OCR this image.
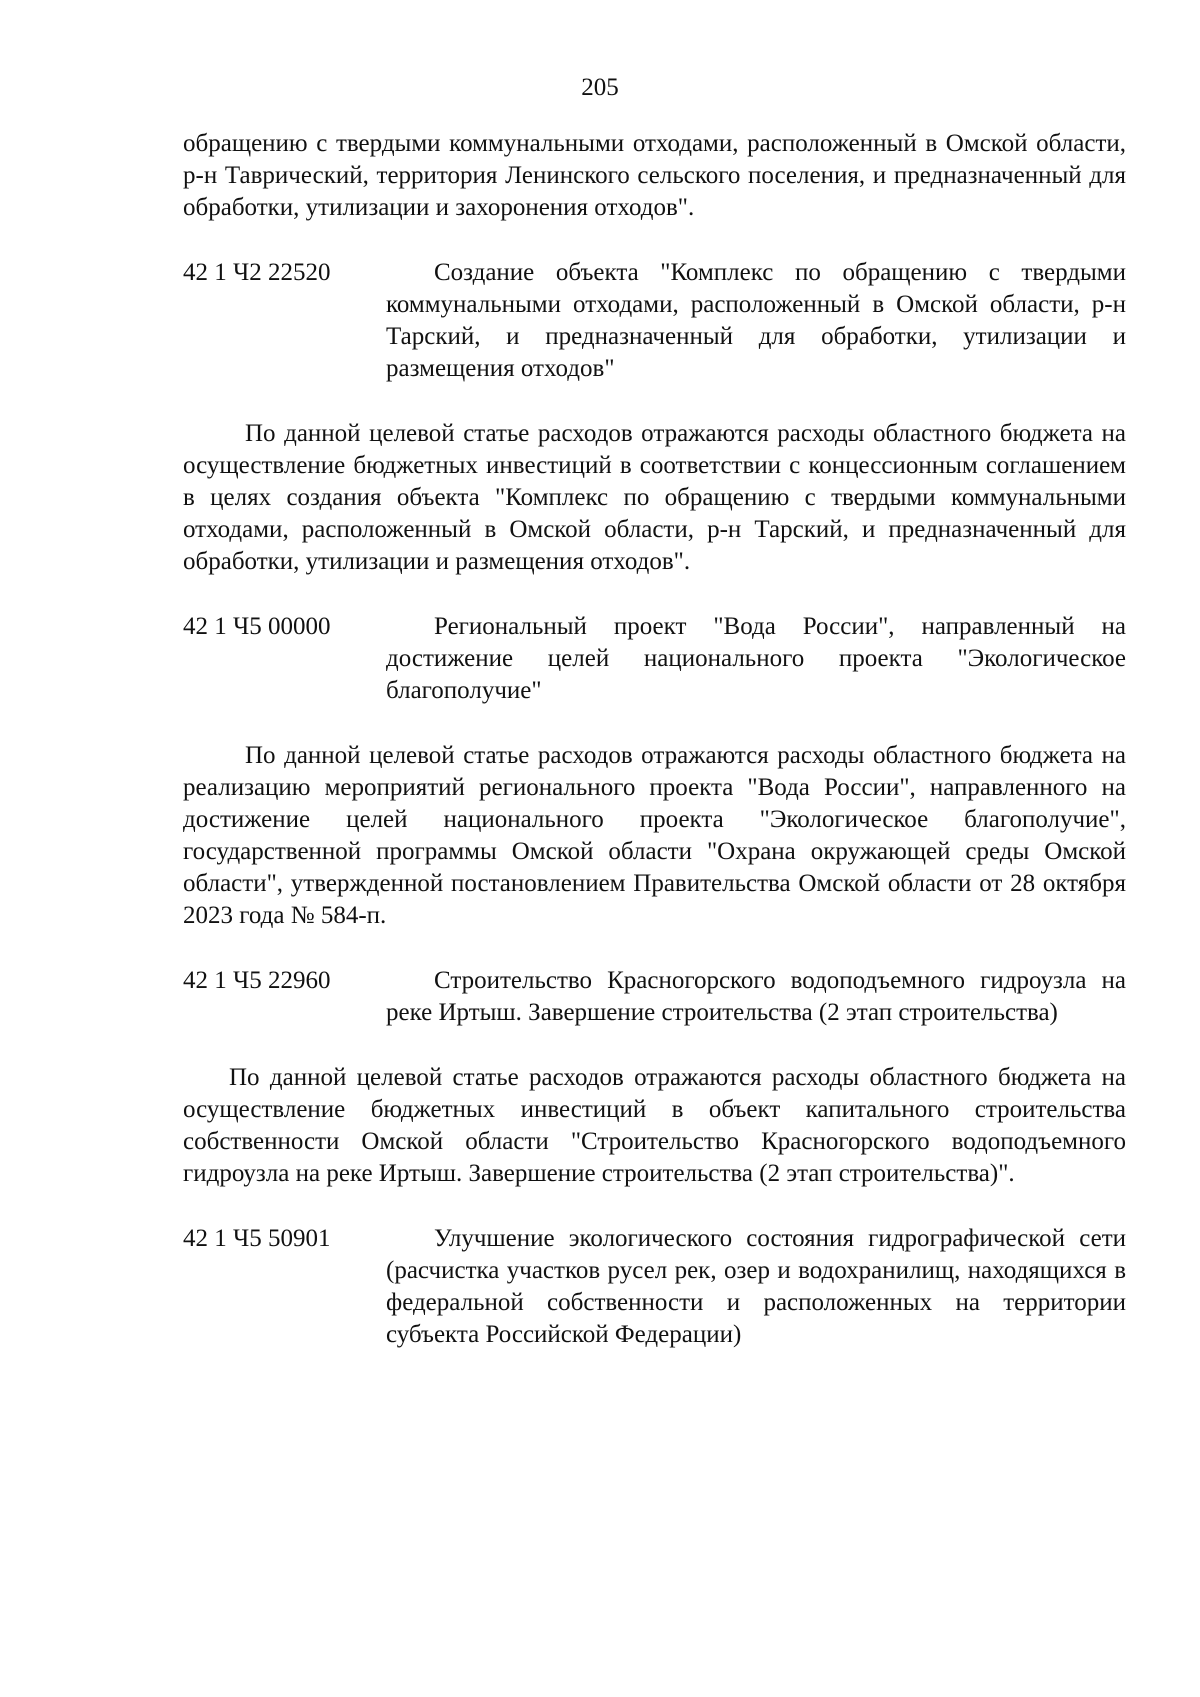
205

обращению с твердыми коммунальными отходами, расположенный в Омской области, р-н Таврический, территория Ленинского сельского поселения, и предназначенный для обработки, утилизации и захоронения отходов".

42 1 Ч2 22520	Создание объекта "Комплекс по обращению с твердыми коммунальными отходами, расположенный в Омской области, р-н Тарский, и предназначенный для обработки, утилизации и размещения отходов"

По данной целевой статье расходов отражаются расходы областного бюджета на осуществление бюджетных инвестиций в соответствии с концессионным соглашением в целях создания объекта "Комплекс по обращению с твердыми коммунальными отходами, расположенный в Омской области, р-н Тарский, и предназначенный для обработки, утилизации и размещения отходов".

42 1 Ч5 00000	Региональный проект "Вода России", направленный на достижение целей национального проекта "Экологическое благополучие"

По данной целевой статье расходов отражаются расходы областного бюджета на реализацию мероприятий регионального проекта "Вода России", направленного на достижение целей национального проекта "Экологическое благополучие", государственной программы Омской области "Охрана окружающей среды Омской области", утвержденной постановлением Правительства Омской области от 28 октября 2023 года № 584-п.

42 1 Ч5 22960	Строительство Красногорского водоподъемного гидроузла на реке Иртыш. Завершение строительства (2 этап строительства)

По данной целевой статье расходов отражаются расходы областного бюджета на осуществление бюджетных инвестиций в объект капитального строительства собственности Омской области "Строительство Красногорского водоподъемного гидроузла на реке Иртыш. Завершение строительства (2 этап строительства)".

42 1 Ч5 50901	Улучшение экологического состояния гидрографической сети (расчистка участков русел рек, озер и водохранилищ, находящихся в федеральной собственности и расположенных на территории субъекта Российской Федерации)
